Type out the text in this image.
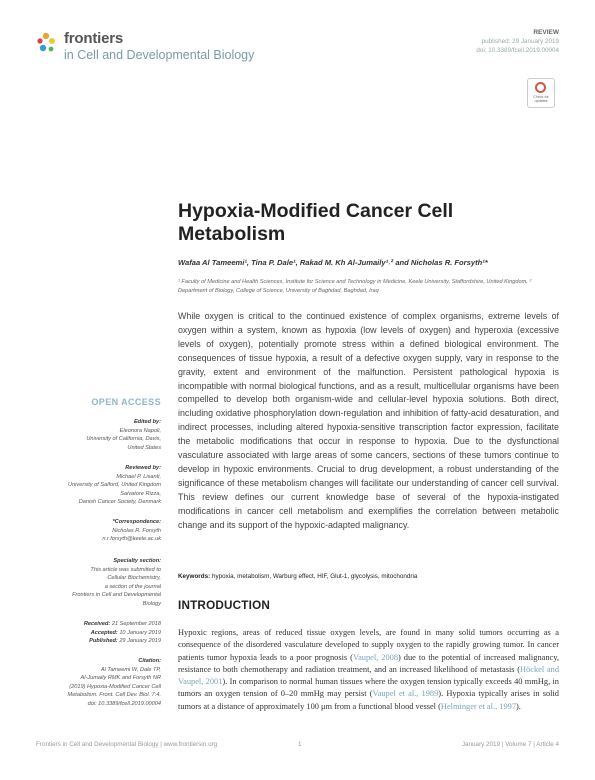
frontiers
in Cell and Developmental Biology
REVIEW
published: 29 January 2019
doi: 10.3389/fcell.2019.00004
Check for updates
Hypoxia-Modified Cancer Cell Metabolism
Wafaa Al Tameemi¹, Tina P. Dale¹, Rakad M. Kh Al-Jumaily¹˒² and Nicholas R. Forsyth¹*
¹ Faculty of Medicine and Health Sciences, Institute for Science and Technology in Medicine, Keele University, Staffordshire, United Kingdom, ² Department of Biology, College of Science, University of Baghdad, Baghdad, Iraq
While oxygen is critical to the continued existence of complex organisms, extreme levels of oxygen within a system, known as hypoxia (low levels of oxygen) and hyperoxia (excessive levels of oxygen), potentially promote stress within a defined biological environment. The consequences of tissue hypoxia, a result of a defective oxygen supply, vary in response to the gravity, extent and environment of the malfunction. Persistent pathological hypoxia is incompatible with normal biological functions, and as a result, multicellular organisms have been compelled to develop both organism-wide and cellular-level hypoxia solutions. Both direct, including oxidative phosphorylation down-regulation and inhibition of fatty-acid desaturation, and indirect processes, including altered hypoxia-sensitive transcription factor expression, facilitate the metabolic modifications that occur in response to hypoxia. Due to the dysfunctional vasculature associated with large areas of some cancers, sections of these tumors continue to develop in hypoxic environments. Crucial to drug development, a robust understanding of the significance of these metabolism changes will facilitate our understanding of cancer cell survival. This review defines our current knowledge base of several of the hypoxia-instigated modifications in cancer cell metabolism and exemplifies the correlation between metabolic change and its support of the hypoxic-adapted malignancy.
Keywords: hypoxia, metabolism, Warburg effect, HIF, Glut-1, glycolysis, mitochondria
INTRODUCTION
Hypoxic regions, areas of reduced tissue oxygen levels, are found in many solid tumors occurring as a consequence of the disordered vasculature developed to supply oxygen to the rapidly growing tumor. In cancer patients tumor hypoxia leads to a poor prognosis (Vaupel, 2008) due to the potential of increased malignancy, resistance to both chemotherapy and radiation treatment, and an increased likelihood of metastasis (Höckel and Vaupel, 2001). In comparison to normal human tissues where the oxygen tension typically exceeds 40 mmHg, in tumors an oxygen tension of 0–20 mmHg may persist (Vaupel et al., 1989). Hypoxia typically arises in solid tumors at a distance of approximately 100 μm from a functional blood vessel (Helminger et al., 1997).
OPEN ACCESS
Edited by:
Eleonora Napoli,
University of California, Davis,
United States
Reviewed by:
Michael P. Lisanti,
University of Salford, United Kingdom
Salvatore Rizza,
Danish Cancer Society, Denmark
*Correspondence:
Nicholas R. Forsyth
n.r.forsyth@keele.ac.uk
Specialty section:
This article was submitted to
Cellular Biochemistry,
a section of the journal
Frontiers in Cell and Developmental
Biology
Received: 21 September 2018
Accepted: 10 January 2019
Published: 29 January 2019
Citation:
Al Tameemi W, Dale TP,
Al-Jumaily RMK and Forsyth NR
(2019) Hypoxia-Modified Cancer Cell
Metabolism. Front. Cell Dev. Biol. 7:4.
doi: 10.3389/fcell.2019.00004
Frontiers in Cell and Developmental Biology | www.frontiersin.org	1	January 2019 | Volume 7 | Article 4
